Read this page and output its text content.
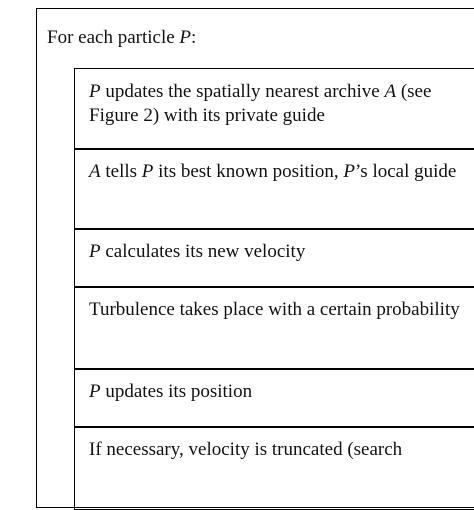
For each particle P:
P updates the spatially nearest archive A (see Figure 2) with its private guide
A tells P its best known position, P’s local guide
P calculates its new velocity
Turbulence takes place with a certain probability
P updates its position
If necessary, velocity is truncated (search
